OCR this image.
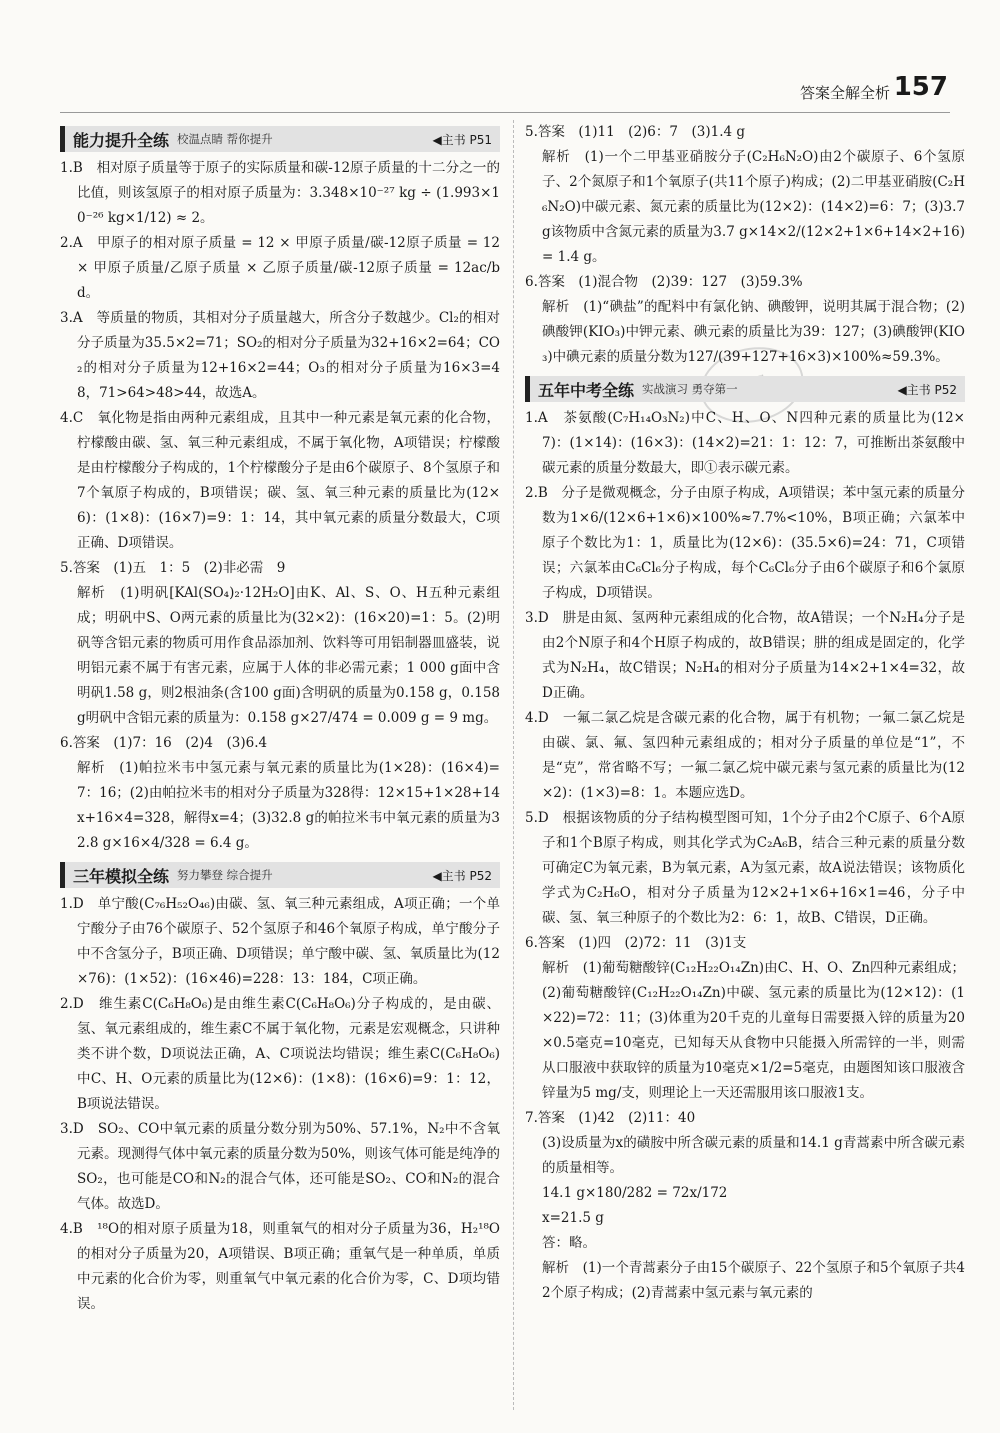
答案全解全析 157
能力提升全练 校温点睛 帮你提升	◀主书 P51

1.B　相对原子质量等于原子的实际质量和碳-12原子质量的十二分之一的比值，则该氢原子的相对原子质量为：3.348×10⁻²⁷ kg ÷ (1.993×10⁻²⁶ kg×1/12) ≈ 2。

2.A　甲原子的相对原子质量 = 12 × 甲原子质量/碳-12原子质量 = 12 × 甲原子质量/乙原子质量 × 乙原子质量/碳-12原子质量 = 12ac/bd。

3.A　等质量的物质，其相对分子质量越大，所含分子数越少。Cl₂的相对分子质量为35.5×2=71；SO₂的相对分子质量为32+16×2=64；CO₂的相对分子质量为12+16×2=44；O₃的相对分子质量为16×3=48，71>64>48>44，故选A。

4.C　氧化物是指由两种元素组成，且其中一种元素是氧元素的化合物，柠檬酸由碳、氢、氧三种元素组成，不属于氧化物，A项错误；柠檬酸是由柠檬酸分子构成的，1个柠檬酸分子是由6个碳原子、8个氢原子和7个氧原子构成的，B项错误；碳、氢、氧三种元素的质量比为(12×6)：(1×8)：(16×7)=9：1：14，其中氧元素的质量分数最大，C项正确、D项错误。

5.答案　(1)五　1：5　(2)非必需　9

解析　(1)明矾[KAl(SO₄)₂·12H₂O]由K、Al、S、O、H五种元素组成；明矾中S、O两元素的质量比为(32×2)：(16×20)=1：5。(2)明矾等含铝元素的物质可用作食品添加剂、饮料等可用铝制器皿盛装，说明铝元素不属于有害元素，应属于人体的非必需元素；1 000 g面中含明矾1.58 g，则2根油条(含100 g面)含明矾的质量为0.158 g，0.158 g明矾中含铝元素的质量为：0.158 g×27/474 = 0.009 g = 9 mg。

6.答案　(1)7：16　(2)4　(3)6.4

解析　(1)帕拉米韦中氢元素与氧元素的质量比为(1×28)：(16×4)=7：16；(2)由帕拉米韦的相对分子质量为328得：12×15+1×28+14x+16×4=328，解得x=4；(3)32.8 g的帕拉米韦中氧元素的质量为32.8 g×16×4/328 = 6.4 g。

三年模拟全练 努力攀登 综合提升	◀主书 P52

1.D　单宁酸(C₇₆H₅₂O₄₆)由碳、氢、氧三种元素组成，A项正确；一个单宁酸分子由76个碳原子、52个氢原子和46个氧原子构成，单宁酸分子中不含氢分子，B项正确、D项错误；单宁酸中碳、氢、氧质量比为(12×76)：(1×52)：(16×46)=228：13：184，C项正确。

2.D　维生素C(C₆H₈O₆)是由维生素C(C₆H₈O₆)分子构成的，是由碳、氢、氧元素组成的，维生素C不属于氧化物，元素是宏观概念，只讲种类不讲个数，D项说法正确，A、C项说法均错误；维生素C(C₆H₈O₆)中C、H、O元素的质量比为(12×6)：(1×8)：(16×6)=9：1：12，B项说法错误。

3.D　SO₂、CO中氧元素的质量分数分别为50%、57.1%，N₂中不含氧元素。现测得气体中氧元素的质量分数为50%，则该气体可能是纯净的SO₂，也可能是CO和N₂的混合气体，还可能是SO₂、CO和N₂的混合气体。故选D。

4.B　¹⁸O的相对原子质量为18，则重氧气的相对分子质量为36，H₂¹⁸O的相对分子质量为20，A项错误、B项正确；重氧气是一种单质，单质中元素的化合价为零，则重氧气中氧元素的化合价为零，C、D项均错误。

5.答案　(1)11　(2)6：7　(3)1.4 g

解析　(1)一个二甲基亚硝胺分子(C₂H₆N₂O)由2个碳原子、6个氢原子、2个氮原子和1个氧原子(共11个原子)构成；(2)二甲基亚硝胺(C₂H₆N₂O)中碳元素、氮元素的质量比为(12×2)：(14×2)=6：7；(3)3.7 g该物质中含氮元素的质量为3.7 g×14×2/(12×2+1×6+14×2+16) = 1.4 g。

6.答案　(1)混合物　(2)39：127　(3)59.3%

解析　(1)“碘盐”的配料中有氯化钠、碘酸钾，说明其属于混合物；(2)碘酸钾(KIO₃)中钾元素、碘元素的质量比为39：127；(3)碘酸钾(KIO₃)中碘元素的质量分数为127/(39+127+16×3)×100%≈59.3%。

五年中考全练 实战演习 勇夺第一	◀主书 P52

1.A　茶氨酸(C₇H₁₄O₃N₂)中C、H、O、N四种元素的质量比为(12×7)：(1×14)：(16×3)：(14×2)=21：1：12：7，可推断出茶氨酸中碳元素的质量分数最大，即①表示碳元素。

2.B　分子是微观概念，分子由原子构成，A项错误；苯中氢元素的质量分数为1×6/(12×6+1×6)×100%≈7.7%<10%，B项正确；六氯苯中原子个数比为1：1，质量比为(12×6)：(35.5×6)=24：71，C项错误；六氯苯由C₆Cl₆分子构成，每个C₆Cl₆分子由6个碳原子和6个氯原子构成，D项错误。

3.D　肼是由氮、氢两种元素组成的化合物，故A错误；一个N₂H₄分子是由2个N原子和4个H原子构成的，故B错误；肼的组成是固定的，化学式为N₂H₄，故C错误；N₂H₄的相对分子质量为14×2+1×4=32，故D正确。

4.D　一氟二氯乙烷是含碳元素的化合物，属于有机物；一氟二氯乙烷是由碳、氯、氟、氢四种元素组成的；相对分子质量的单位是“1”，不是“克”，常省略不写；一氟二氯乙烷中碳元素与氢元素的质量比为(12×2)：(1×3)=8：1。本题应选D。

5.D　根据该物质的分子结构模型图可知，1个分子由2个C原子、6个A原子和1个B原子构成，则其化学式为C₂A₆B，结合三种元素的质量分数可确定C为氧元素，B为氧元素，A为氢元素，故A说法错误；该物质化学式为C₂H₆O，相对分子质量为12×2+1×6+16×1=46，分子中碳、氢、氧三种原子的个数比为2：6：1，故B、C错误，D正确。

6.答案　(1)四　(2)72：11　(3)1支

解析　(1)葡萄糖酸锌(C₁₂H₂₂O₁₄Zn)由C、H、O、Zn四种元素组成；(2)葡萄糖酸锌(C₁₂H₂₂O₁₄Zn)中碳、氢元素的质量比为(12×12)：(1×22)=72：11；(3)体重为20千克的儿童每日需要摄入锌的质量为20×0.5毫克=10毫克，已知每天从食物中只能摄入所需锌的一半，则需从口服液中获取锌的质量为10毫克×1/2=5毫克，由题图知该口服液含锌量为5 mg/支，则理论上一天还需服用该口服液1支。

7.答案　(1)42　(2)11：40

(3)设质量为x的磺胺中所含碳元素的质量和14.1 g青蒿素中所含碳元素的质量相等。

14.1 g×180/282 = 72x/172

x=21.5 g

答：略。

解析　(1)一个青蒿素分子由15个碳原子、22个氢原子和5个氧原子共42个原子构成；(2)青蒿素中氢元素与氧元素的
